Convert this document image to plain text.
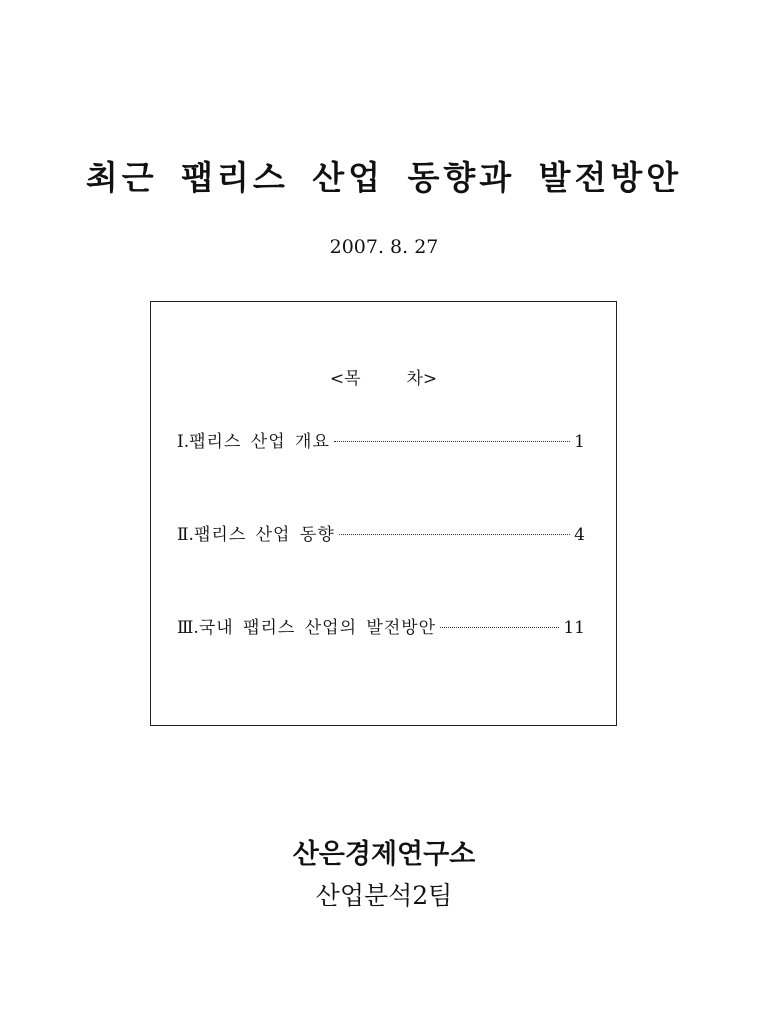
최근 팹리스 산업 동향과 발전방안
2007. 8. 27
<목	차>
Ⅰ. 팹리스 산업 개요	1
Ⅱ. 팹리스 산업 동향	4
Ⅲ. 국내 팹리스 산업의 발전방안	11
산은경제연구소
산업분석2팀
